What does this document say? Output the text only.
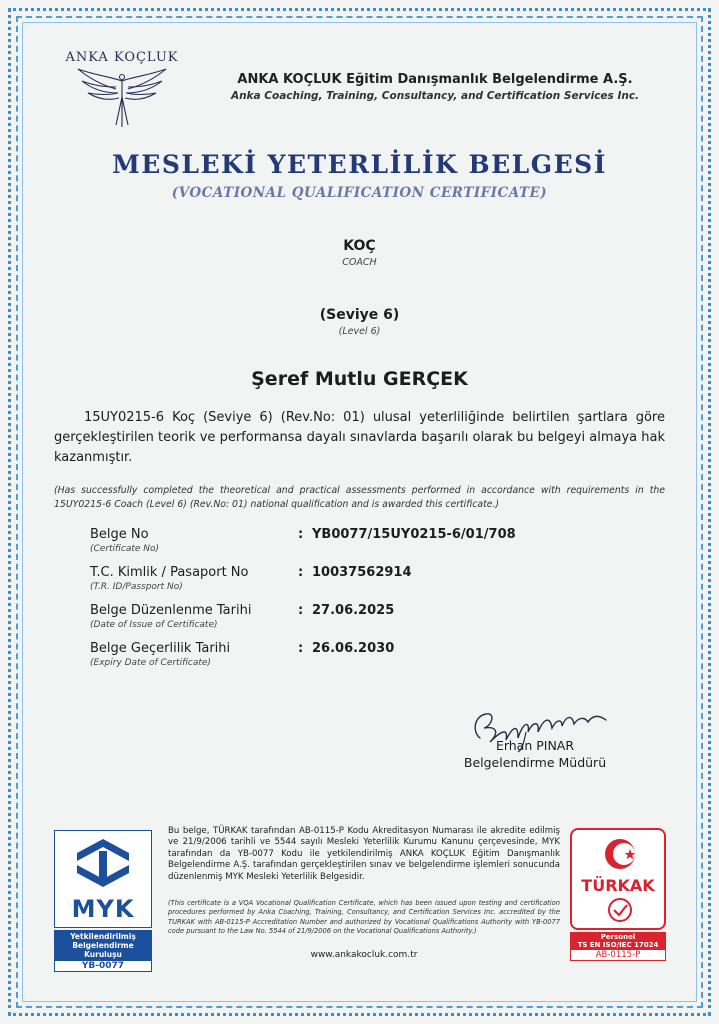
ANKA KOÇLUK
ANKA KOÇLUK Eğitim Danışmanlık Belgelendirme A.Ş.
Anka Coaching, Training, Consultancy, and Certification Services Inc.
MESLEKİ YETERLİLİK BELGESİ
(VOCATIONAL QUALIFICATION CERTIFICATE)
KOÇ
COACH
(Seviye 6)
(Level 6)
Şeref Mutlu GERÇEK
15UY0215-6 Koç (Seviye 6) (Rev.No: 01) ulusal yeterliliğinde belirtilen şartlara göre gerçekleştirilen teorik ve performansa dayalı sınavlarda başarılı olarak bu belgeyi almaya hak kazanmıştır.
(Has successfully completed the theoretical and practical assessments performed in accordance with requirements in the 15UY0215-6 Coach (Level 6) (Rev.No: 01) national qualification and is awarded this certificate.)
Belge No
(Certificate No)
: YB0077/15UY0215-6/01/708
T.C. Kimlik / Pasaport No
(T.R. ID/Passport No)
: 10037562914
Belge Düzenlenme Tarihi
(Date of Issue of Certificate)
: 27.06.2025
Belge Geçerlilik Tarihi
(Expiry Date of Certificate)
: 26.06.2030
Erhan PINAR
Belgelendirme Müdürü
MYK
Yetkilendirilmiş Belgelendirme Kuruluşu
YB-0077
Bu belge, TÜRKAK tarafından AB-0115-P Kodu Akreditasyon Numarası ile akredite edilmiş ve 21/9/2006 tarihli ve 5544 sayılı Mesleki Yeterlilik Kurumu Kanunu çerçevesinde, MYK tarafından da YB-0077 Kodu ile yetkilendirilmiş ANKA KOÇLUK Eğitim Danışmanlık Belgelendirme A.Ş. tarafından gerçekleştirilen sınav ve belgelendirme işlemleri sonucunda düzenlenmiş MYK Mesleki Yeterlilik Belgesidir.
(This certificate is a VQA Vocational Qualification Certificate, which has been issued upon testing and certification procedures performed by Anka Coaching, Training, Consultancy, and Certification Services Inc. accredited by the TURKAK with AB-0115-P Accreditation Number and authorized by Vocational Qualifications Authority with YB-0077 code pursuant to the Law No. 5544 of 21/9/2006 on the Vocational Qualifications Authority.)
www.ankakocluk.com.tr
TÜRKAK
Personel
TS EN ISO/IEC 17024
AB-0115-P
